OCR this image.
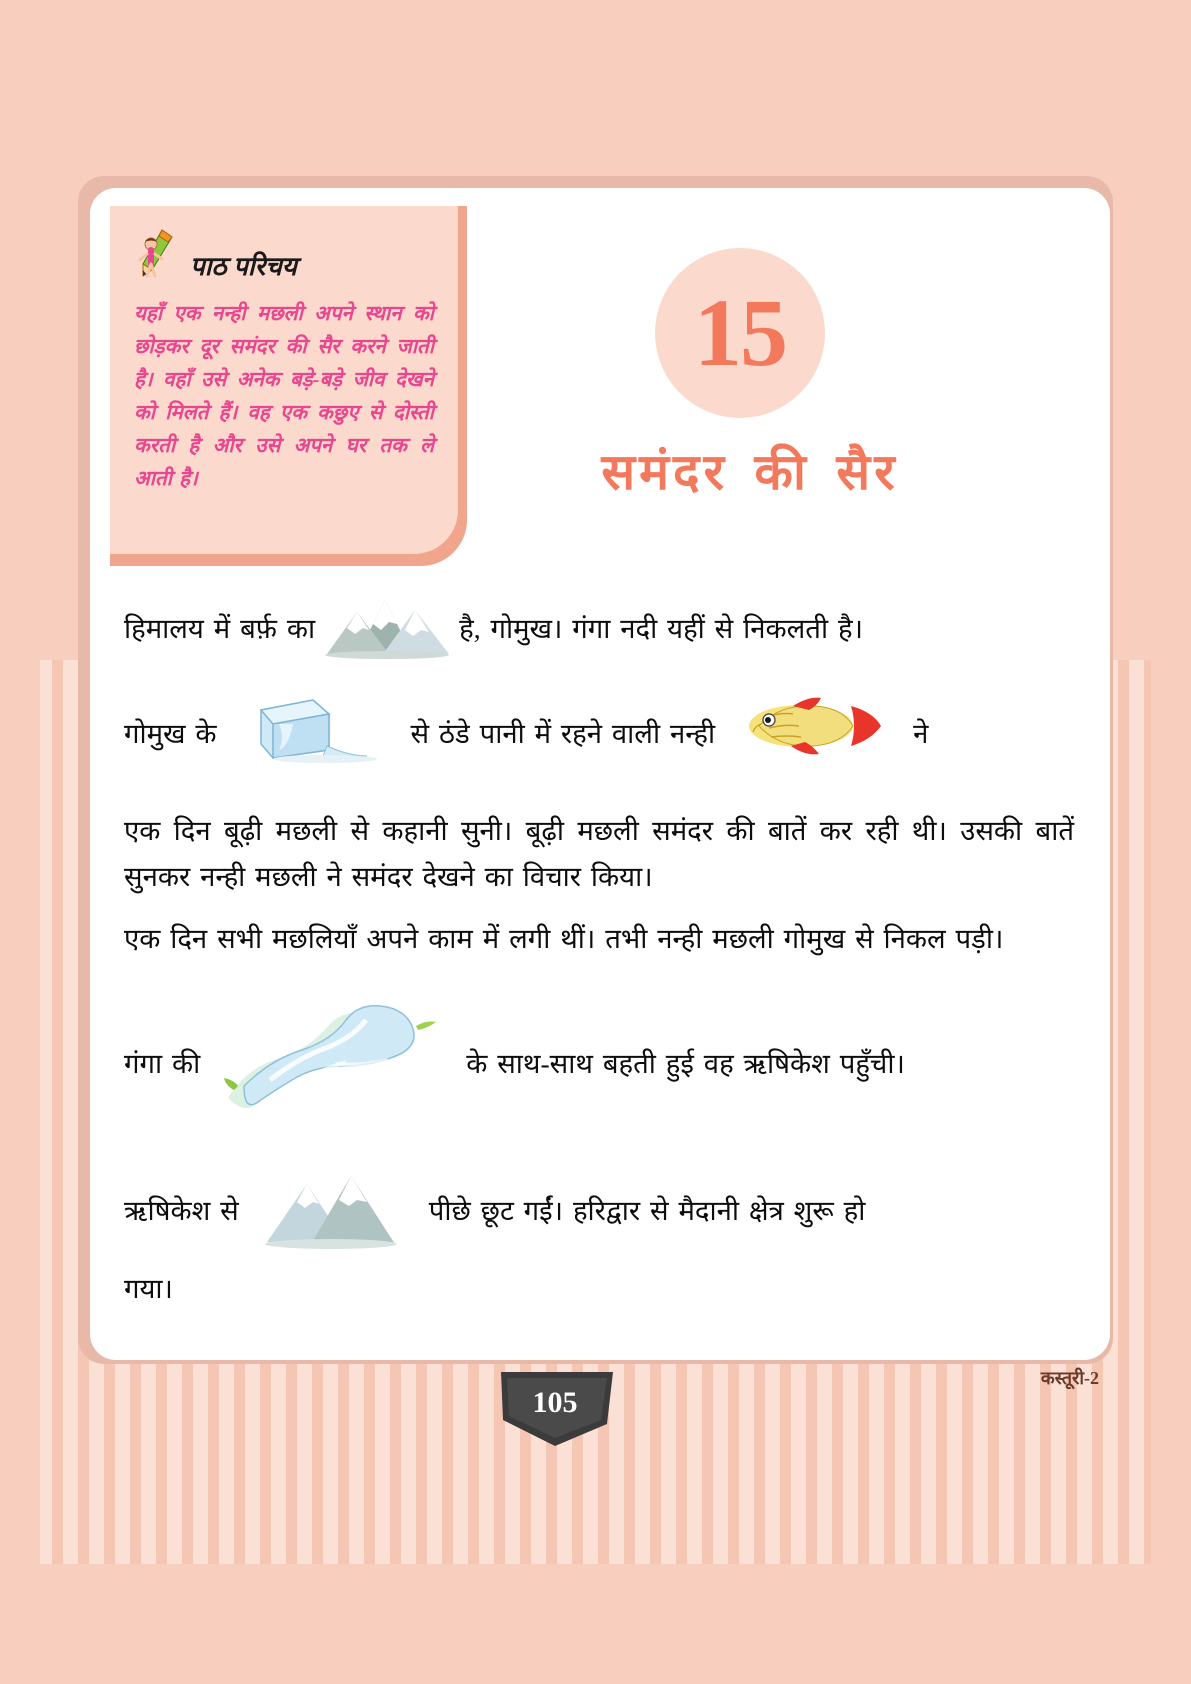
पाठ परिचय
यहाँ एक नन्ही मछली अपने स्थान को छोड़कर दूर समंदर की सैर करने जाती है। वहाँ उसे अनेक बड़े-बड़े जीव देखने को मिलते हैं। वह एक कछुए से दोस्ती करती है और उसे अपने घर तक ले आती है।
15
समंदर की सैर
हिमालय में बर्फ़ का	है, गोमुख। गंगा नदी यहीं से निकलती है।
गोमुख के	से ठंडे पानी में रहने वाली नन्ही	ने

एक दिन बूढ़ी मछली से कहानी सुनी। बूढ़ी मछली समंदर की बातें कर रही थी। उसकी बातें सुनकर नन्ही मछली ने समंदर देखने का विचार किया।

एक दिन सभी मछलियाँ अपने काम में लगी थीं। तभी नन्ही मछली गोमुख से निकल पड़ी।

गंगा की	के साथ-साथ बहती हुई वह ऋषिकेश पहुँची।
ऋषिकेश से	पीछे छूट गईं। हरिद्वार से मैदानी क्षेत्र शुरू हो

गया।

105
कस्तूरी-2
